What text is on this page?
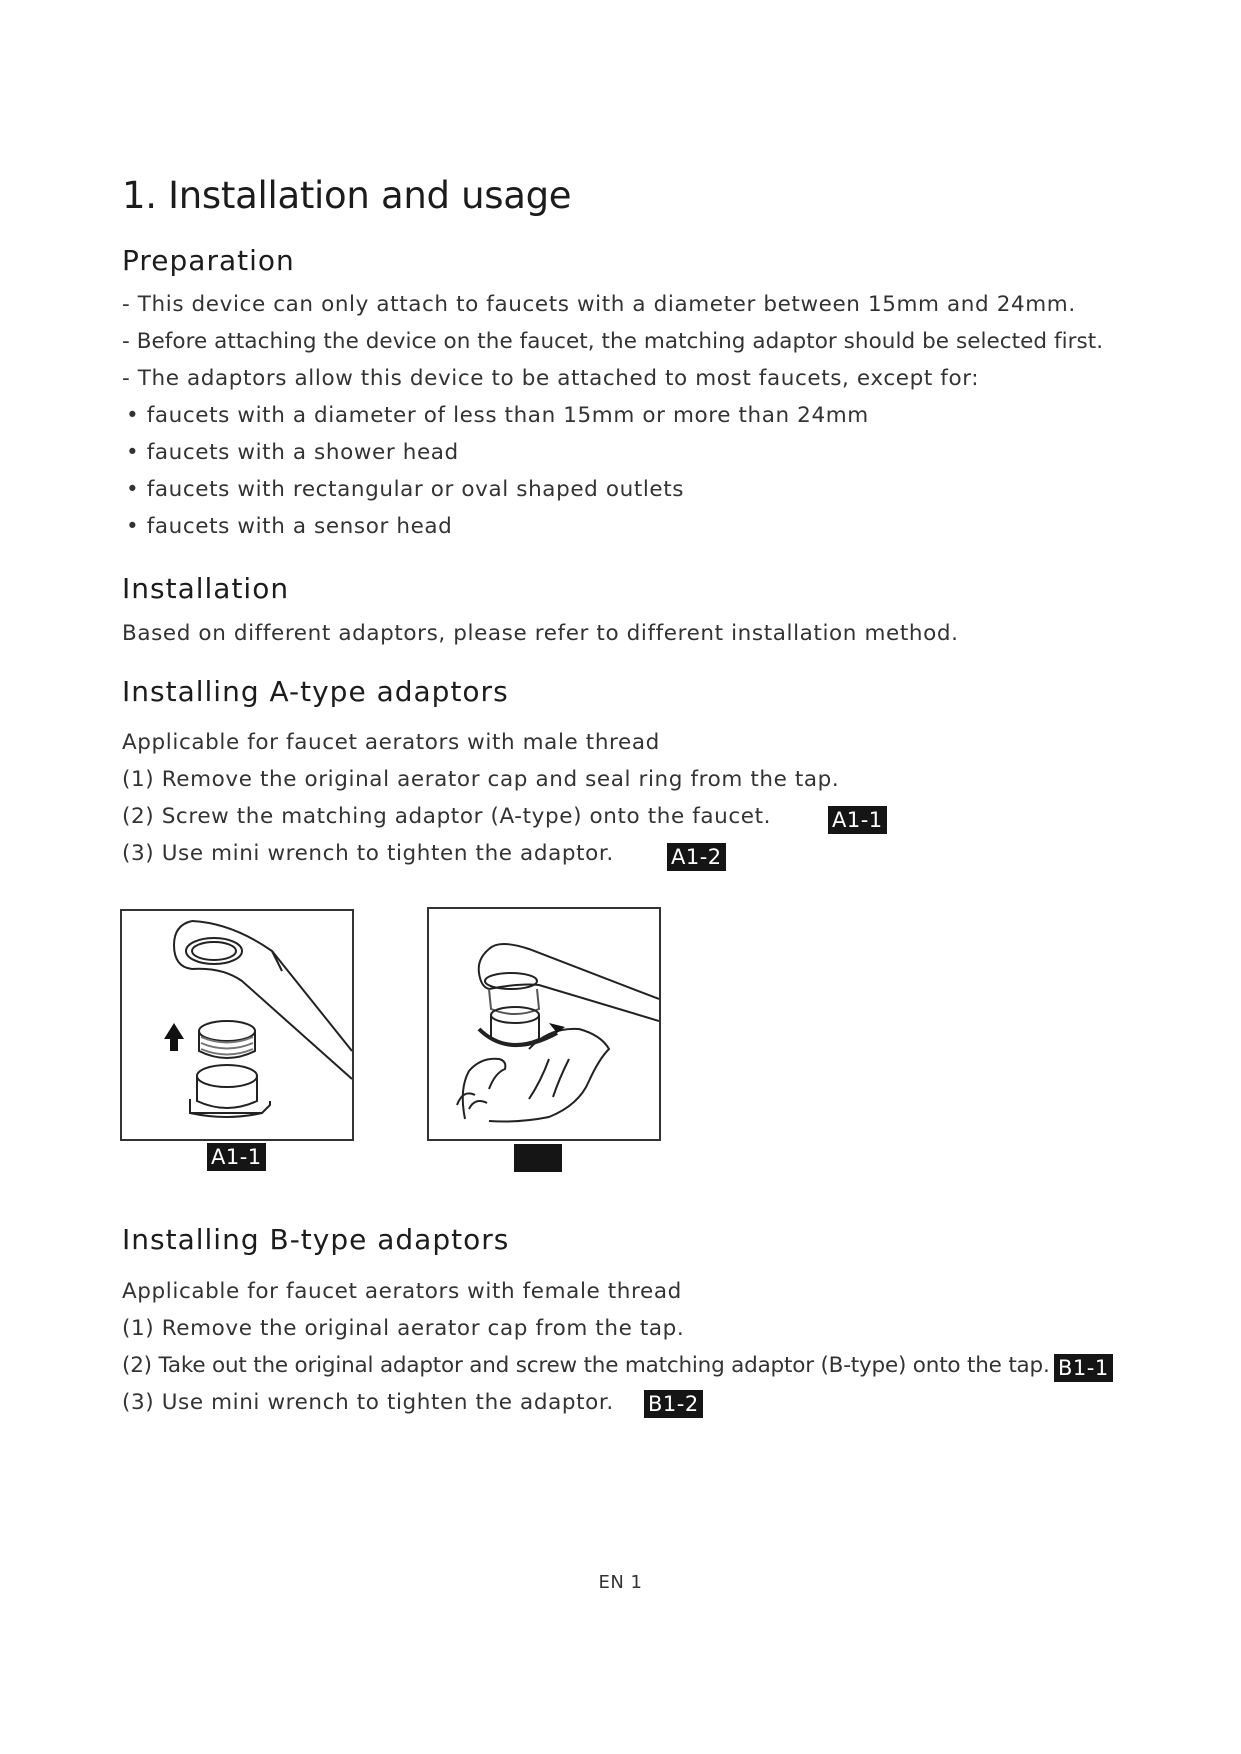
1. Installation and usage
Preparation

- This device can only attach to faucets with a diameter between 15mm and 24mm.

- Before attaching the device on the faucet, the matching adaptor should be selected first.

- The adaptors allow this device to be attached to most faucets, except for:

• faucets with a diameter of less than 15mm or more than 24mm

• faucets with a shower head

• faucets with rectangular or oval shaped outlets

• faucets with a sensor head

Installation

Based on different adaptors, please refer to different installation method.

Installing A-type adaptors

Applicable for faucet aerators with male thread

(1) Remove the original aerator cap and seal ring from the tap.

(2) Screw the matching adaptor (A-type) onto the faucet.	A1-1

(3) Use mini wrench to tighten the adaptor.	A1-2
A1-1
Installing B-type adaptors

Applicable for faucet aerators with female thread

(1) Remove the original aerator cap from the tap.

(2) Take out the original adaptor and screw the matching adaptor (B-type) onto the tap. B1-1

(3) Use mini wrench to tighten the adaptor. B1-2
EN 1
